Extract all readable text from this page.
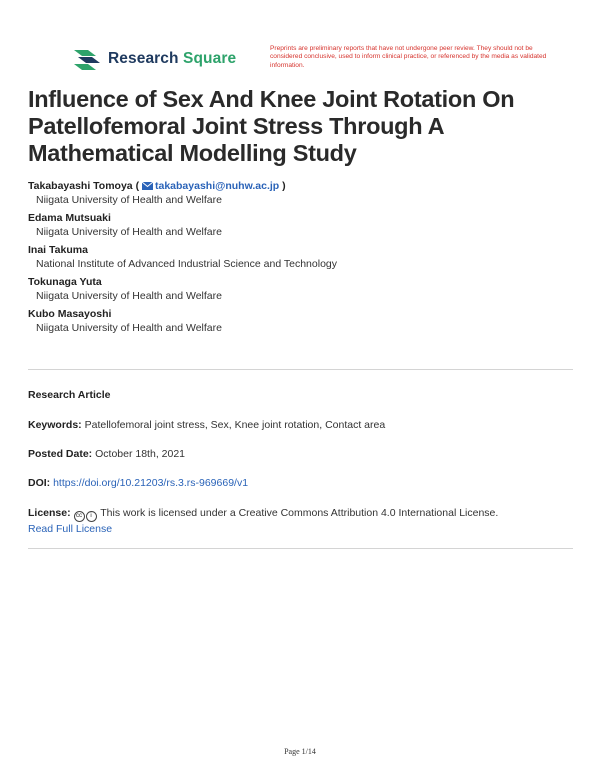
Research Square
Preprints are preliminary reports that have not undergone peer review. They should not be considered conclusive, used to inform clinical practice, or referenced by the media as validated information.
Influence of Sex And Knee Joint Rotation On Patellofemoral Joint Stress Through A Mathematical Modelling Study
Takabayashi Tomoya ( takabayashi@nuhw.ac.jp )
Niigata University of Health and Welfare
Edama Mutsuaki
Niigata University of Health and Welfare
Inai Takuma
National Institute of Advanced Industrial Science and Technology
Tokunaga Yuta
Niigata University of Health and Welfare
Kubo Masayoshi
Niigata University of Health and Welfare
Research Article
Keywords: Patellofemoral joint stress, Sex, Knee joint rotation, Contact area
Posted Date: October 18th, 2021
DOI: https://doi.org/10.21203/rs.3.rs-969669/v1
License: cc i This work is licensed under a Creative Commons Attribution 4.0 International License.
Read Full License
Page 1/14
